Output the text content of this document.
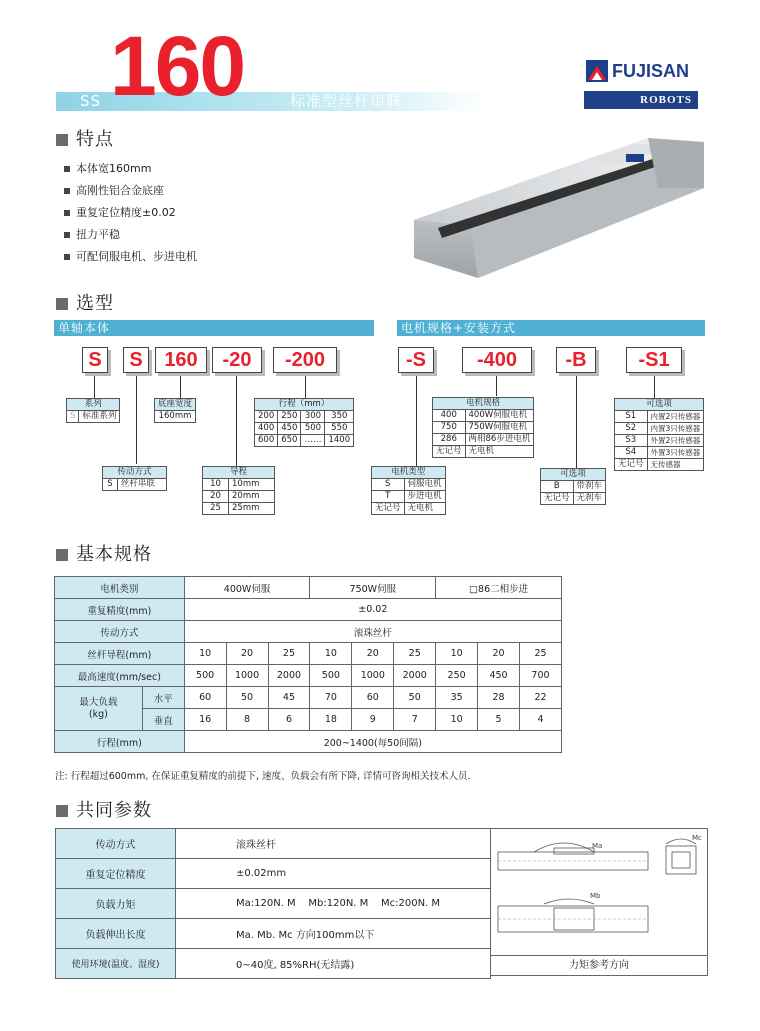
SS 160	标准型丝杆串联
FUJISAN
ROBOTS
特点
本体宽160mm
高刚性铝合金底座
重复定位精度±0.02
扭力平稳
可配伺服电机、步进电机
选型
单轴本体	电机规格+安装方式
S	S	160	-20	-200	-S	-400	-B	-S1
系列
S	标准系列
底座宽度
160mm
行程（mm）			
200	250	300	350
400	450	500	550
600	650	……	1400
传动方式
S	丝杆串联
导程	
10	10mm
20	20mm
25	25mm
电机类型	
S	伺服电机
T	步进电机
无记号	无电机
电机规格	
400	400W伺服电机
750	750W伺服电机
286	两相86步进电机
无记号	无电机
可选项	
B	带刹车
无记号	无刹车
可选项	
S1	内置2只传感器
S2	内置3只传感器
S3	外置2只传感器
S4	外置3只传感器
无记号	无传感器
基本规格
电机类别		400W伺服			750W伺服			□86二相步进		
重复精度(mm)		±0.02								
传动方式		滚珠丝杆								
丝杆导程(mm)		10	20	25	10	20	25	10	20	25
最高速度(mm/sec)		500	1000	2000	500	1000	2000	250	450	700
最大负载
(kg)	水平	60	50	45	70	60	50	35	28	22
	垂直	16	8	6	18	9	7	10	5	4
行程(mm)		200~1400(每50间隔)								
注: 行程超过600mm, 在保证重复精度的前提下, 速度、负载会有所下降, 详情可咨询相关技术人员.
共同参数
传动方式	滚珠丝杆
重复定位精度	±0.02mm
负载力矩	Ma:120N. M    Mb:120N. M    Mc:200N. M
负载伸出长度	Ma. Mb. Mc 方向100mm以下
使用环境(温度、湿度)	0~40度, 85%RH(无结露)
Ma
Mc
Mb
力矩参考方向
